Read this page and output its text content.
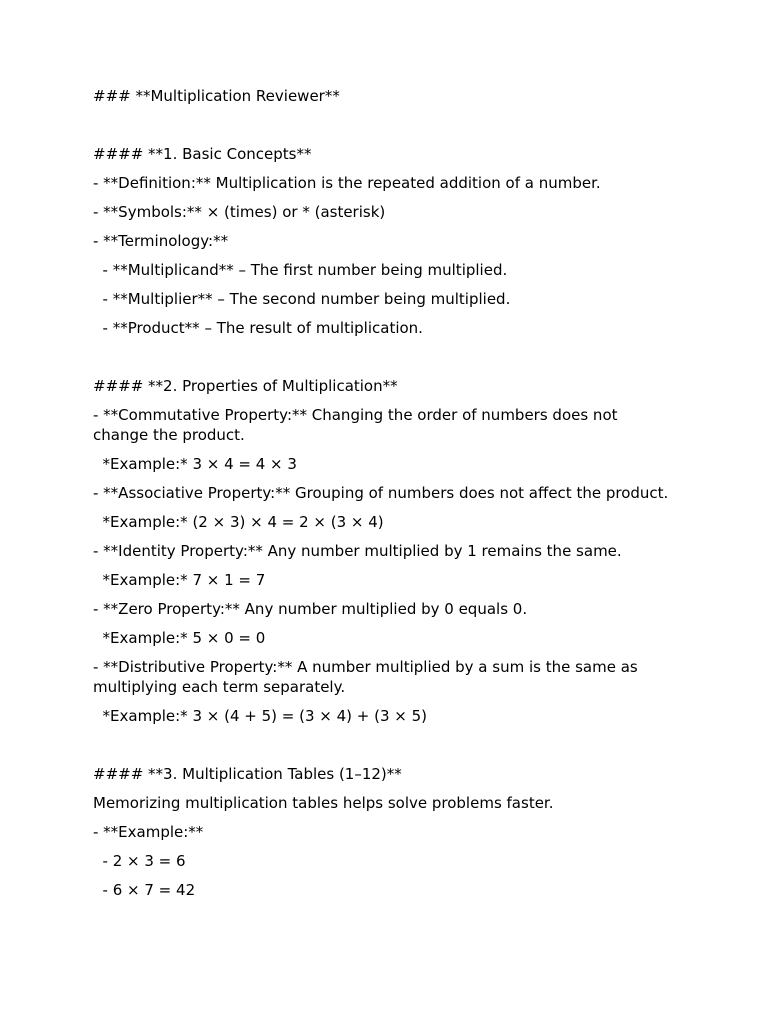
### **Multiplication Reviewer**
#### **1. Basic Concepts**
- **Definition:** Multiplication is the repeated addition of a number.
- **Symbols:** × (times) or * (asterisk)
- **Terminology:**
- **Multiplicand** – The first number being multiplied.
- **Multiplier** – The second number being multiplied.
- **Product** – The result of multiplication.
#### **2. Properties of Multiplication**
- **Commutative Property:** Changing the order of numbers does not change the product.
*Example:* 3 × 4 = 4 × 3
- **Associative Property:** Grouping of numbers does not affect the product.
*Example:* (2 × 3) × 4 = 2 × (3 × 4)
- **Identity Property:** Any number multiplied by 1 remains the same.
*Example:* 7 × 1 = 7
- **Zero Property:** Any number multiplied by 0 equals 0.
*Example:* 5 × 0 = 0
- **Distributive Property:** A number multiplied by a sum is the same as multiplying each term separately.
*Example:* 3 × (4 + 5) = (3 × 4) + (3 × 5)
#### **3. Multiplication Tables (1–12)**
Memorizing multiplication tables helps solve problems faster.
- **Example:**
- 2 × 3 = 6
- 6 × 7 = 42
